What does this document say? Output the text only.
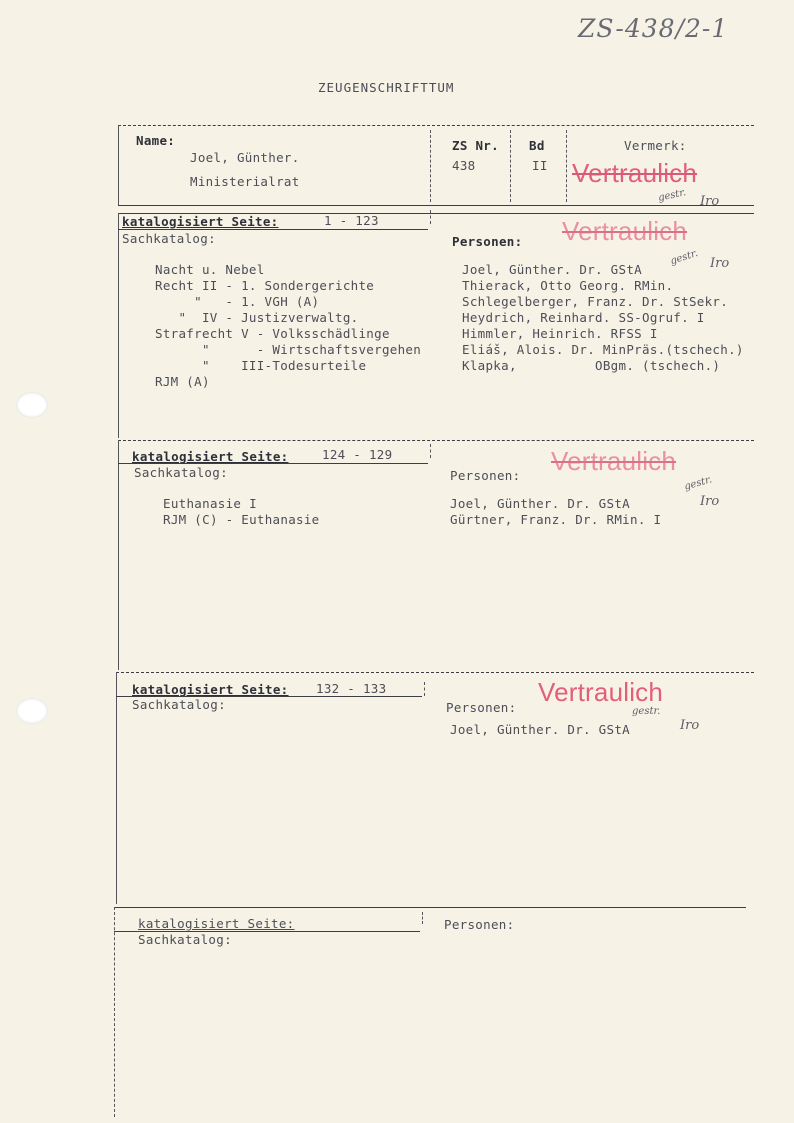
ZS-438/2-1
ZEUGENSCHRIFTTUM
Name:
Joel, Günther.
Ministerialrat
ZS Nr.
438
Bd
II
Vermerk:
Vertraulich
gestr. Iro
katalogisiert Seite:	1 - 123
Sachkatalog:	Personen: Vertraulich
gestr. Iro
Nacht u. Nebel
Recht II - 1. Sondergerichte
"   - 1. VGH (A)
"  IV - Justizverwaltg.
Strafrecht V - Volksschädlinge
"      - Wirtschaftsvergehen
"    III-Todesurteile
RJM (A)
Joel, Günther. Dr. GStA
Thierack, Otto Georg. RMin.
Schlegelberger, Franz. Dr. StSekr.
Heydrich, Reinhard. SS-Ogruf. I
Himmler, Heinrich. RFSS I
Eliáš, Alois. Dr. MinPräs.(tschech.)
Klapka,          OBgm. (tschech.)
katalogisiert Seite:	124 - 129
Sachkatalog:	Personen: Vertraulich
gestr.
Iro
Euthanasie I
RJM (C) - Euthanasie
Joel, Günther. Dr. GStA
Gürtner, Franz. Dr. RMin. I
katalogisiert Seite: 132 - 133
Sachkatalog:	Personen:
Vertraulich
gestr.
Iro
Joel, Günther. Dr. GStA
katalogisiert Seite:
Sachkatalog:
Personen:
